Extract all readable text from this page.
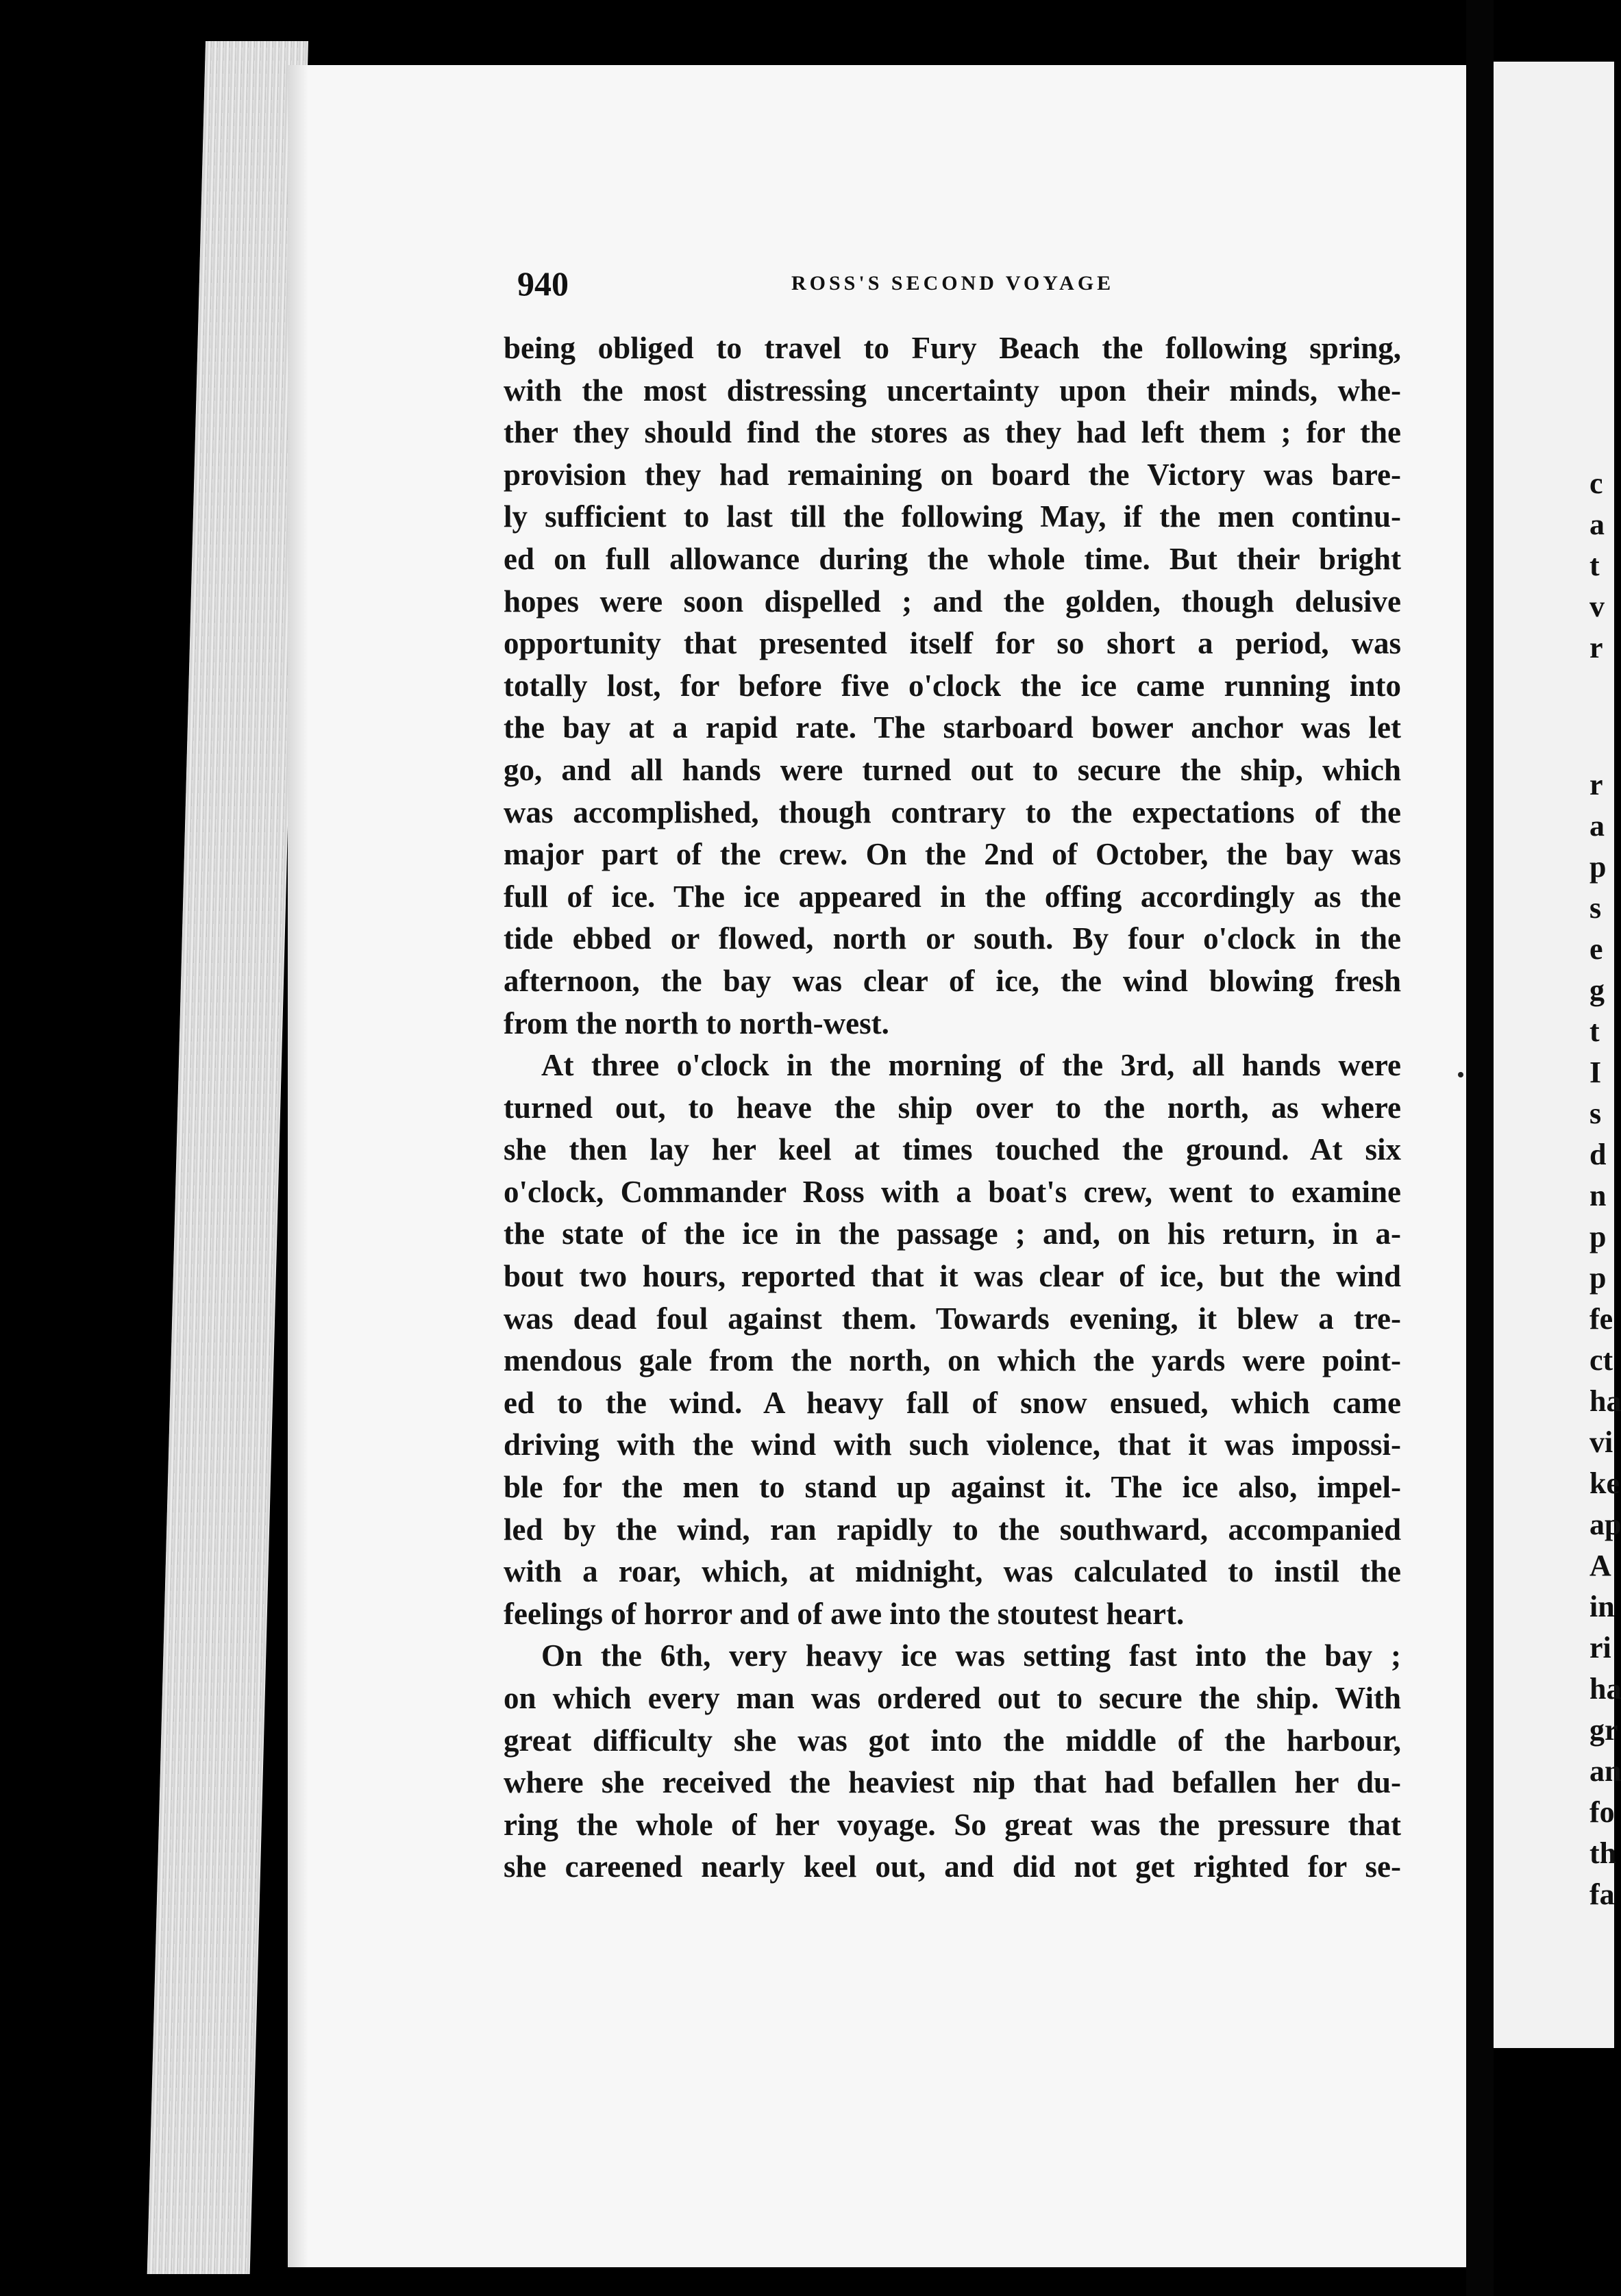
c
a
t
v
r
r
a
p
s
e
g
t
I
s
d
n
p
p
fe
ct
ha
vi
ke
ap
A
in
ri
ha
gr
an
fo
th
fa
940	ROSS'S SECOND VOYAGE
being obliged to travel to Fury Beach the following spring,
with the most distressing uncertainty upon their minds, whe-
ther they should find the stores as they had left them ; for the
provision they had remaining on board the Victory was bare-
ly sufficient to last till the following May, if the men continu-
ed on full allowance during the whole time. But their bright
hopes were soon dispelled ; and the golden, though delusive
opportunity that presented itself for so short a period, was
totally lost, for before five o'clock the ice came running into
the bay at a rapid rate. The starboard bower anchor was let
go, and all hands were turned out to secure the ship, which
was accomplished, though contrary to the expectations of the
major part of the crew. On the 2nd of October, the bay was
full of ice. The ice appeared in the offing accordingly as the
tide ebbed or flowed, north or south. By four o'clock in the
afternoon, the bay was clear of ice, the wind blowing fresh
from the north to north-west.
At three o'clock in the morning of the 3rd, all hands were
turned out, to heave the ship over to the north, as where
she then lay her keel at times touched the ground. At six
o'clock, Commander Ross with a boat's crew, went to examine
the state of the ice in the passage ; and, on his return, in a-
bout two hours, reported that it was clear of ice, but the wind
was dead foul against them. Towards evening, it blew a tre-
mendous gale from the north, on which the yards were point-
ed to the wind. A heavy fall of snow ensued, which came
driving with the wind with such violence, that it was impossi-
ble for the men to stand up against it. The ice also, impel-
led by the wind, ran rapidly to the southward, accompanied
with a roar, which, at midnight, was calculated to instil the
feelings of horror and of awe into the stoutest heart.
On the 6th, very heavy ice was setting fast into the bay ;
on which every man was ordered out to secure the ship. With
great difficulty she was got into the middle of the harbour,
where she received the heaviest nip that had befallen her du-
ring the whole of her voyage. So great was the pressure that
she careened nearly keel out, and did not get righted for se-
